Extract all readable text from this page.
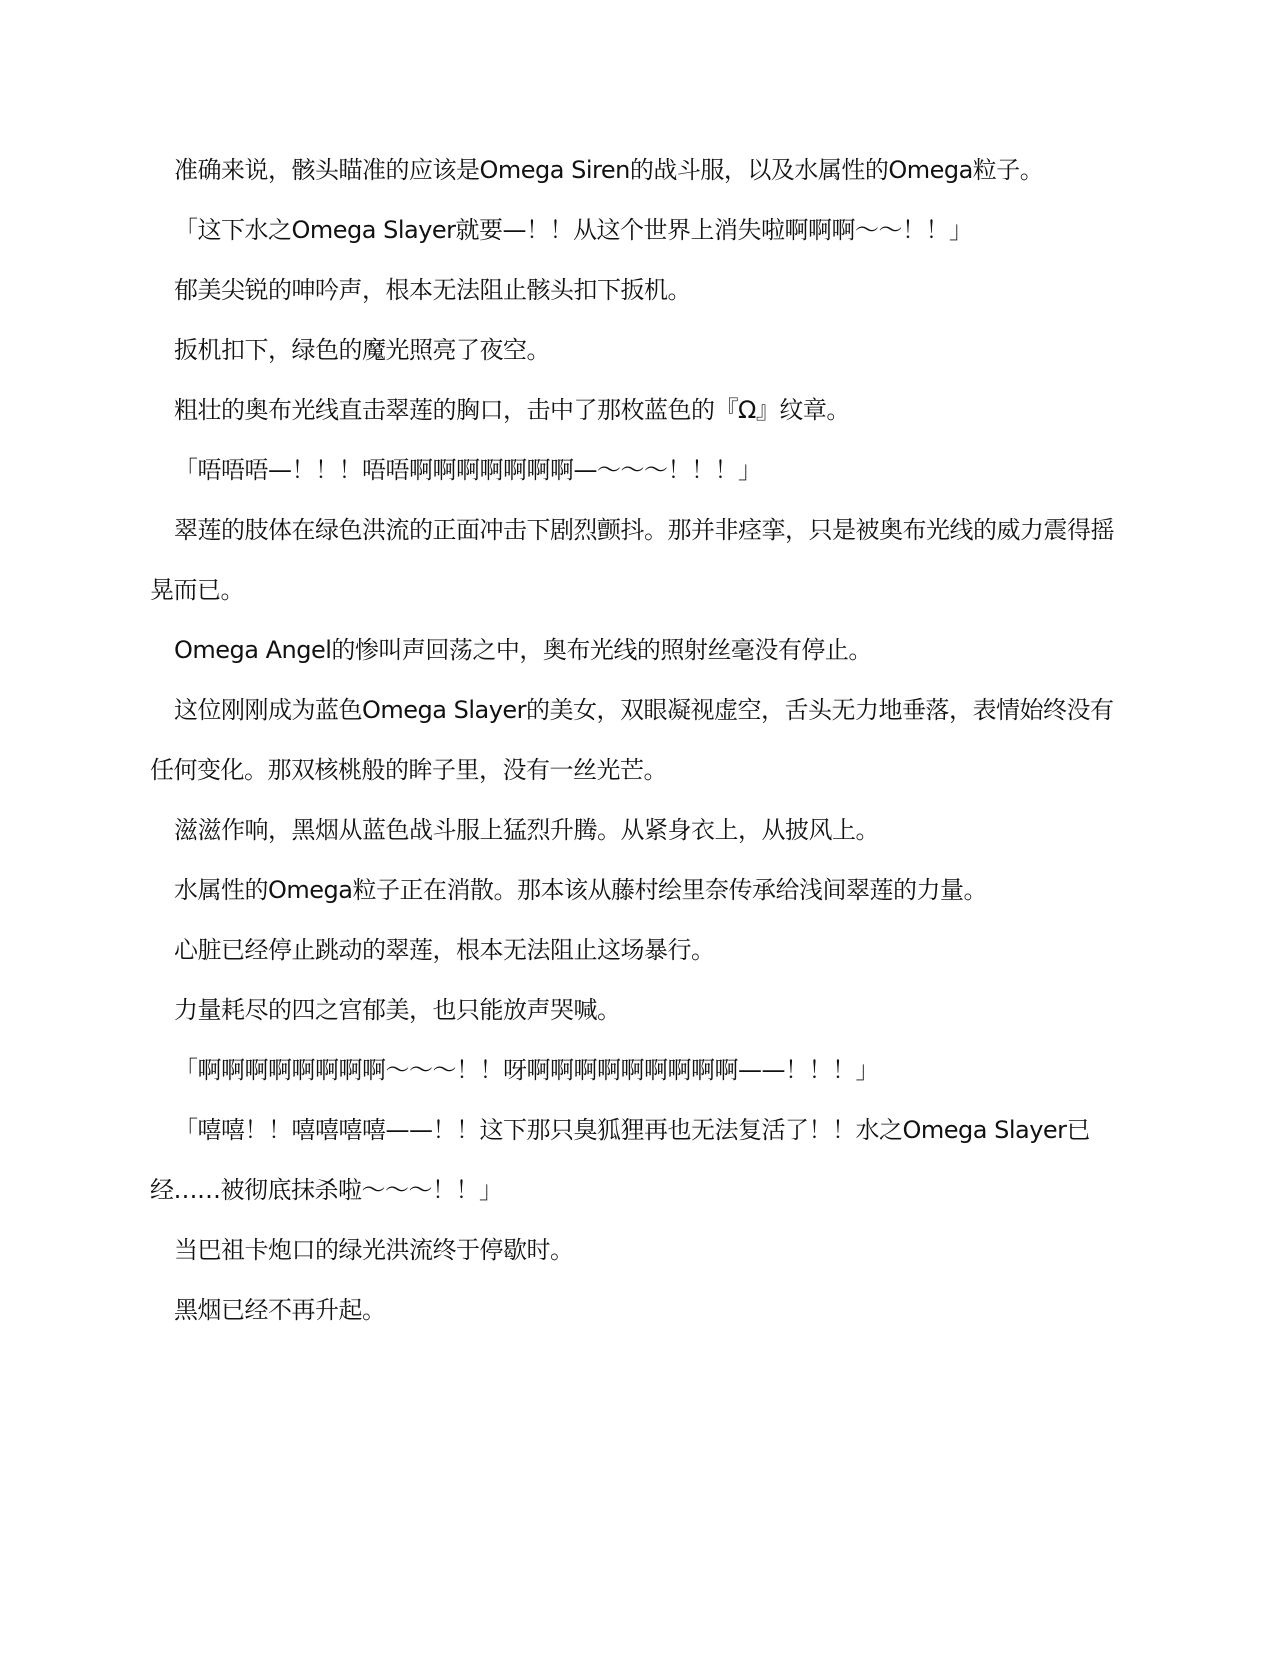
准确来说，骸头瞄准的应该是Omega Siren的战斗服，以及水属性的Omega粒子。

「这下水之Omega Slayer就要—！！从这个世界上消失啦啊啊啊〜〜！！」

郁美尖锐的呻吟声，根本无法阻止骸头扣下扳机。

扳机扣下，绿色的魔光照亮了夜空。

粗壮的奥布光线直击翠莲的胸口，击中了那枚蓝色的『Ω』纹章。

「唔唔唔—！！！唔唔啊啊啊啊啊啊啊—〜〜〜！！！」

翠莲的肢体在绿色洪流的正面冲击下剧烈颤抖。那并非痉挛，只是被奥布光线的威力震得摇晃而已。

Omega Angel的惨叫声回荡之中，奥布光线的照射丝毫没有停止。

这位刚刚成为蓝色Omega Slayer的美女，双眼凝视虚空，舌头无力地垂落，表情始终没有任何变化。那双核桃般的眸子里，没有一丝光芒。

滋滋作响，黑烟从蓝色战斗服上猛烈升腾。从紧身衣上，从披风上。

水属性的Omega粒子正在消散。那本该从藤村绘里奈传承给浅间翠莲的力量。

心脏已经停止跳动的翠莲，根本无法阻止这场暴行。

力量耗尽的四之宫郁美，也只能放声哭喊。

「啊啊啊啊啊啊啊啊〜〜〜！！呀啊啊啊啊啊啊啊啊啊——！！！」

「嘻嘻！！嘻嘻嘻嘻——！！这下那只臭狐狸再也无法复活了！！水之Omega Slayer已经……被彻底抹杀啦〜〜〜！！」

当巴祖卡炮口的绿光洪流终于停歇时。

黑烟已经不再升起。
